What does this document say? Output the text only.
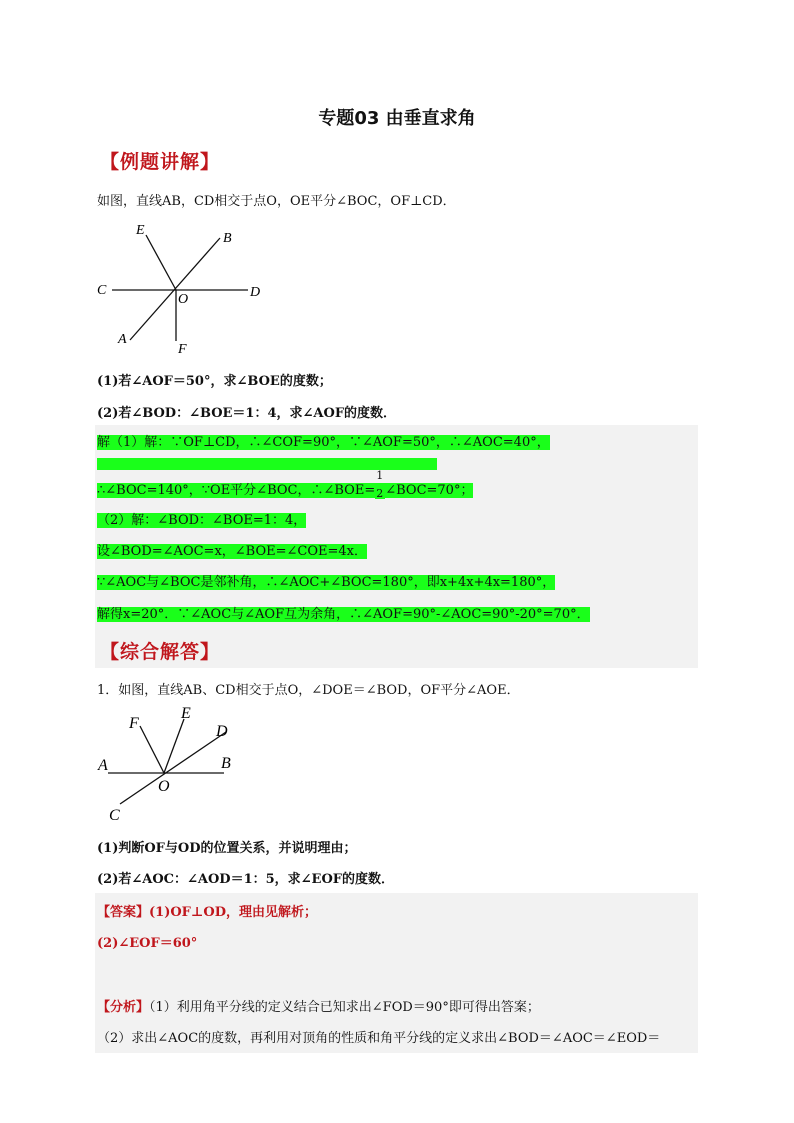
专题03 由垂直求角
【例题讲解】
如图，直线AB，CD相交于点O，OE平分∠BOC，OF⊥CD．
E
B
C
O	D
A
F
(1)若∠AOF＝50°，求∠BOE的度数；
(2)若∠BOD：∠BOE＝1：4，求∠AOF的度数．
解（1）解：∵OF⊥CD，∴∠COF=90°，∵∠AOF=50°，∴∠AOC=40°，
∴∠BOC=140°，∵OE平分∠BOC，∴∠BOE=
1
2 ∠BOC=70°；
（2）解：∠BOD：∠BOE=1：4，
设∠BOD=∠AOC=x，∠BOE=∠COE=4x．
∵∠AOC与∠BOC是邻补角，∴∠AOC+∠BOC=180°，即x+4x+4x=180°，
解得x=20°．∵∠AOC与∠AOF互为余角，∴∠AOF=90°-∠AOC=90°-20°=70°．
【综合解答】
1．如图，直线AB、CD相交于点O，∠DOE＝∠BOD，OF平分∠AOE．
F
E
D
A	B
O
C
(1)判断OF与OD的位置关系，并说明理由；
(2)若∠AOC：∠AOD＝1：5，求∠EOF的度数．
【答案】(1)OF⊥OD，理由见解析；
(2)∠EOF＝60°
【分析】（1）利用角平分线的定义结合已知求出∠FOD＝90°即可得出答案；
（2）求出∠AOC的度数，再利用对顶角的性质和角平分线的定义求出∠BOD＝∠AOC＝∠EOD＝
